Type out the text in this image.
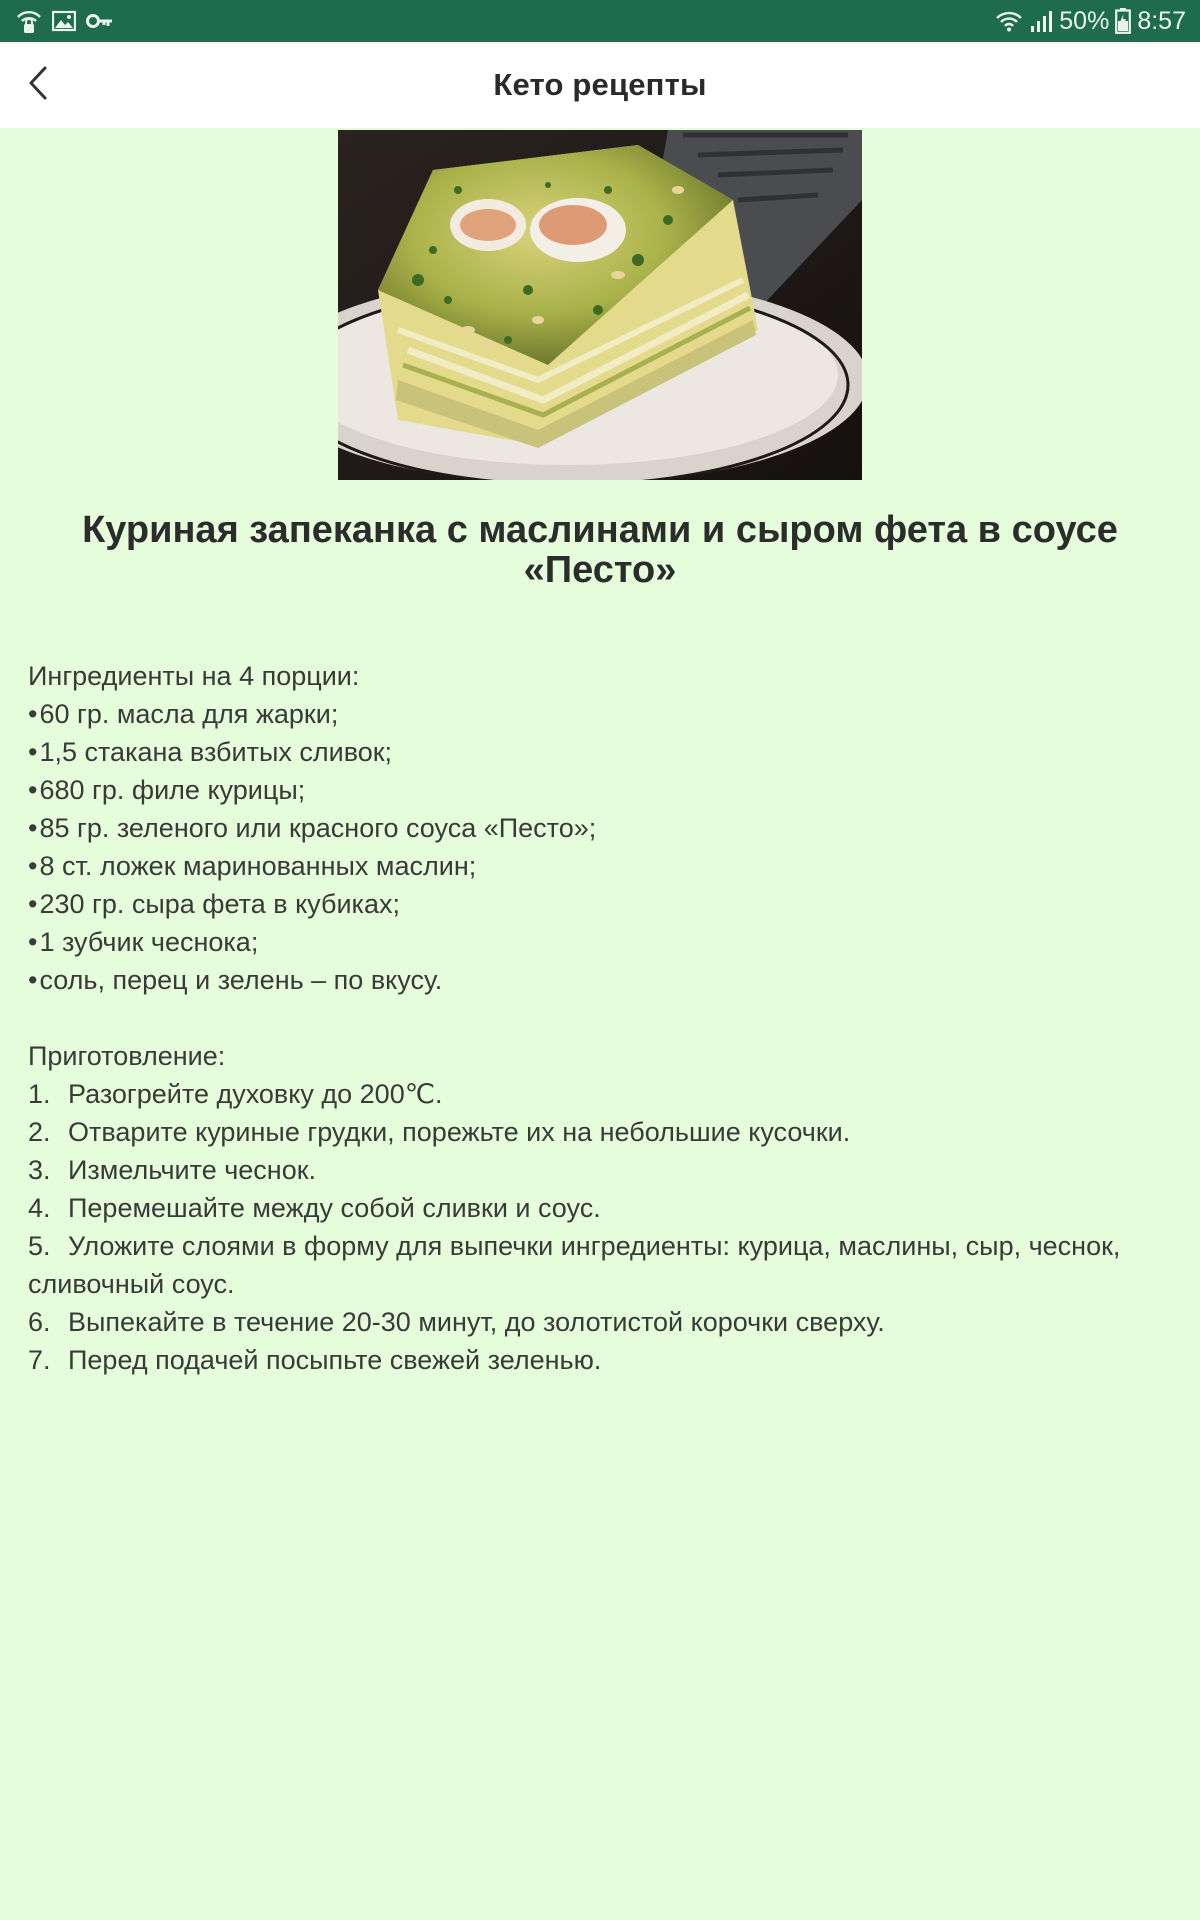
50% 8:57
Кето рецепты
Куриная запеканка с маслинами и сыром фета в соусе «Песто»

Ингредиенты на 4 порции:

•60 гр. масла для жарки;
•1,5 стакана взбитых сливок;
•680 гр. филе курицы;
•85 гр. зеленого или красного соуса «Песто»;
•8 ст. ложек маринованных маслин;
•230 гр. сыра фета в кубиках;
•1 зубчик чеснока;
•соль, перец и зелень – по вкусу.

Приготовление:

1. Разогрейте духовку до 200℃.
2. Отварите куриные грудки, порежьте их на небольшие кусочки.
3. Измельчите чеснок.
4. Перемешайте между собой сливки и соус.
5. Уложите слоями в форму для выпечки ингредиенты: курица, маслины, сыр, чеснок, сливочный соус.
6. Выпекайте в течение 20-30 минут, до золотистой корочки сверху.
7. Перед подачей посыпьте свежей зеленью.
